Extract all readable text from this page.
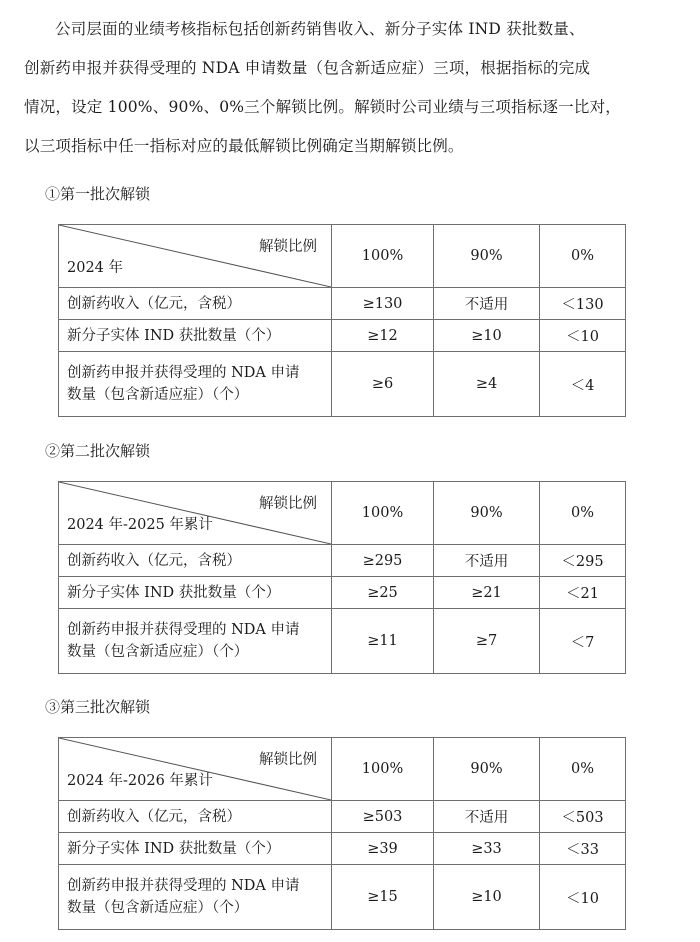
公司层面的业绩考核指标包括创新药销售收入、新分子实体 IND 获批数量、

创新药申报并获得受理的 NDA 申请数量（包含新适应症）三项，根据指标的完成

情况，设定 100%、90%、0%三个解锁比例。解锁时公司业绩与三项指标逐一比对，

以三项指标中任一指标对应的最低解锁比例确定当期解锁比例。

①第一批次解锁
解锁比例
2024 年	100%	90%	0%
创新药收入（亿元，含税）	≥130	不适用	＜130
新分子实体 IND 获批数量（个）	≥12	≥10	＜10

创新药申报并获得受理的 NDA 申请
数量（包含新适应症）（个）	≥6	≥4	＜4
②第二批次解锁
解锁比例
2024 年-2025 年累计	100%	90%	0%
创新药收入（亿元，含税）	≥295	不适用	＜295
新分子实体 IND 获批数量（个）	≥25	≥21	＜21

创新药申报并获得受理的 NDA 申请
数量（包含新适应症）（个）	≥11	≥7	＜7
③第三批次解锁
解锁比例
2024 年-2026 年累计	100%	90%	0%
创新药收入（亿元，含税）	≥503	不适用	＜503
新分子实体 IND 获批数量（个）	≥39	≥33	＜33

创新药申报并获得受理的 NDA 申请
数量（包含新适应症）（个）	≥15	≥10	＜10
